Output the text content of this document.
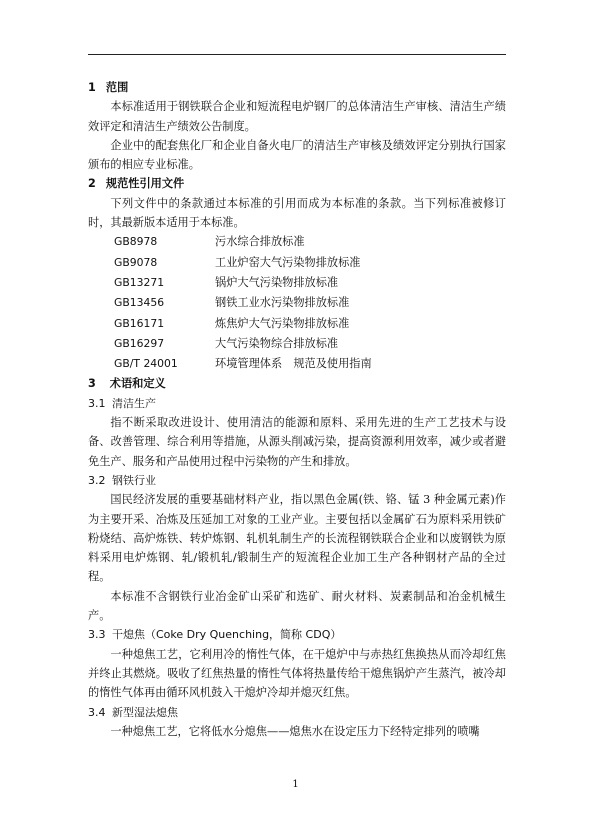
1 范围

本标准适用于钢铁联合企业和短流程电炉钢厂的总体清洁生产审核、清洁生产绩效评定和清洁生产绩效公告制度。

企业中的配套焦化厂和企业自备火电厂的清洁生产审核及绩效评定分别执行国家颁布的相应专业标准。

2 规范性引用文件

下列文件中的条款通过本标准的引用而成为本标准的条款。当下列标准被修订时，其最新版本适用于本标准。

GB8978	污水综合排放标准
GB9078	工业炉窑大气污染物排放标准
GB13271	锅炉大气污染物排放标准
GB13456	钢铁工业水污染物排放标准
GB16171	炼焦炉大气污染物排放标准
GB16297	大气污染物综合排放标准
GB/T 24001	环境管理体系　规范及使用指南
3 术语和定义
3.1 清洁生产

指不断采取改进设计、使用清洁的能源和原料、采用先进的生产工艺技术与设备、改善管理、综合利用等措施，从源头削减污染，提高资源利用效率，减少或者避免生产、服务和产品使用过程中污染物的产生和排放。

3.2 钢铁行业

国民经济发展的重要基础材料产业，指以黑色金属(铁、铬、锰 3 种金属元素)作为主要开采、冶炼及压延加工对象的工业产业。主要包括以金属矿石为原料采用铁矿粉烧结、高炉炼铁、转炉炼钢、轧机轧制生产的长流程钢铁联合企业和以废钢铁为原料采用电炉炼钢、轧/锻机轧/锻制生产的短流程企业加工生产各种钢材产品的全过程。

本标准不含钢铁行业冶金矿山采矿和选矿、耐火材料、炭素制品和冶金机械生产。

3.3 干熄焦（Coke Dry Quenching，简称 CDQ）

一种熄焦工艺，它利用冷的惰性气体，在干熄炉中与赤热红焦换热从而冷却红焦并终止其燃烧。吸收了红焦热量的惰性气体将热量传给干熄焦锅炉产生蒸汽，被冷却的惰性气体再由循环风机鼓入干熄炉冷却并熄灭红焦。

3.4 新型湿法熄焦

一种熄焦工艺，它将低水分熄焦——熄焦水在设定压力下经特定排列的喷嘴

1
